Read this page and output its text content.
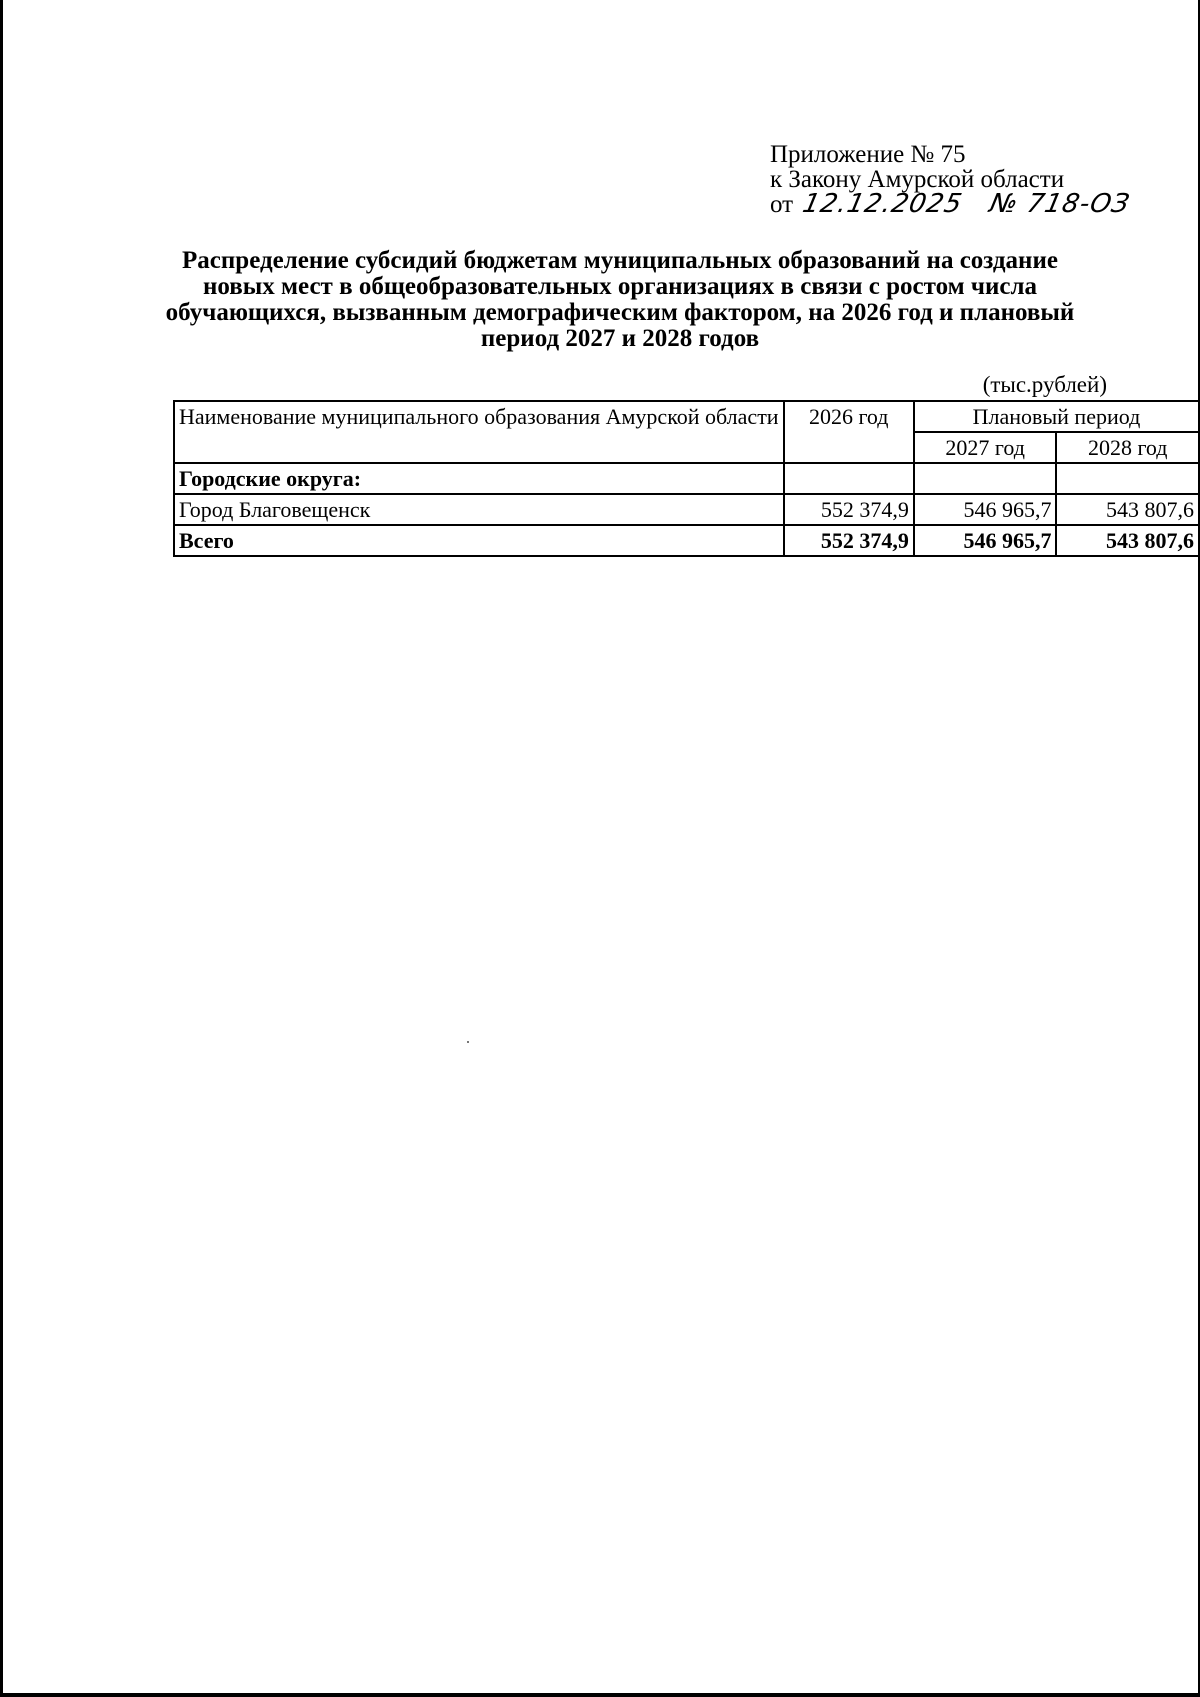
Приложение № 75
к Закону Амурской области
от 12.12.2025 № 718-ОЗ
Распределение субсидий бюджетам муниципальных образований на создание новых мест в общеобразовательных организациях в связи с ростом числа обучающихся, вызванным демографическим фактором, на 2026 год и плановый период 2027 и 2028 годов
(тыс.рублей)
Наименование муниципального образования Амурской области	2026 год	Плановый период	
		2027 год	2028 год
Городские округа:			
Город Благовещенск	552 374,9	546 965,7	543 807,6
Всего	552 374,9	546 965,7	543 807,6
